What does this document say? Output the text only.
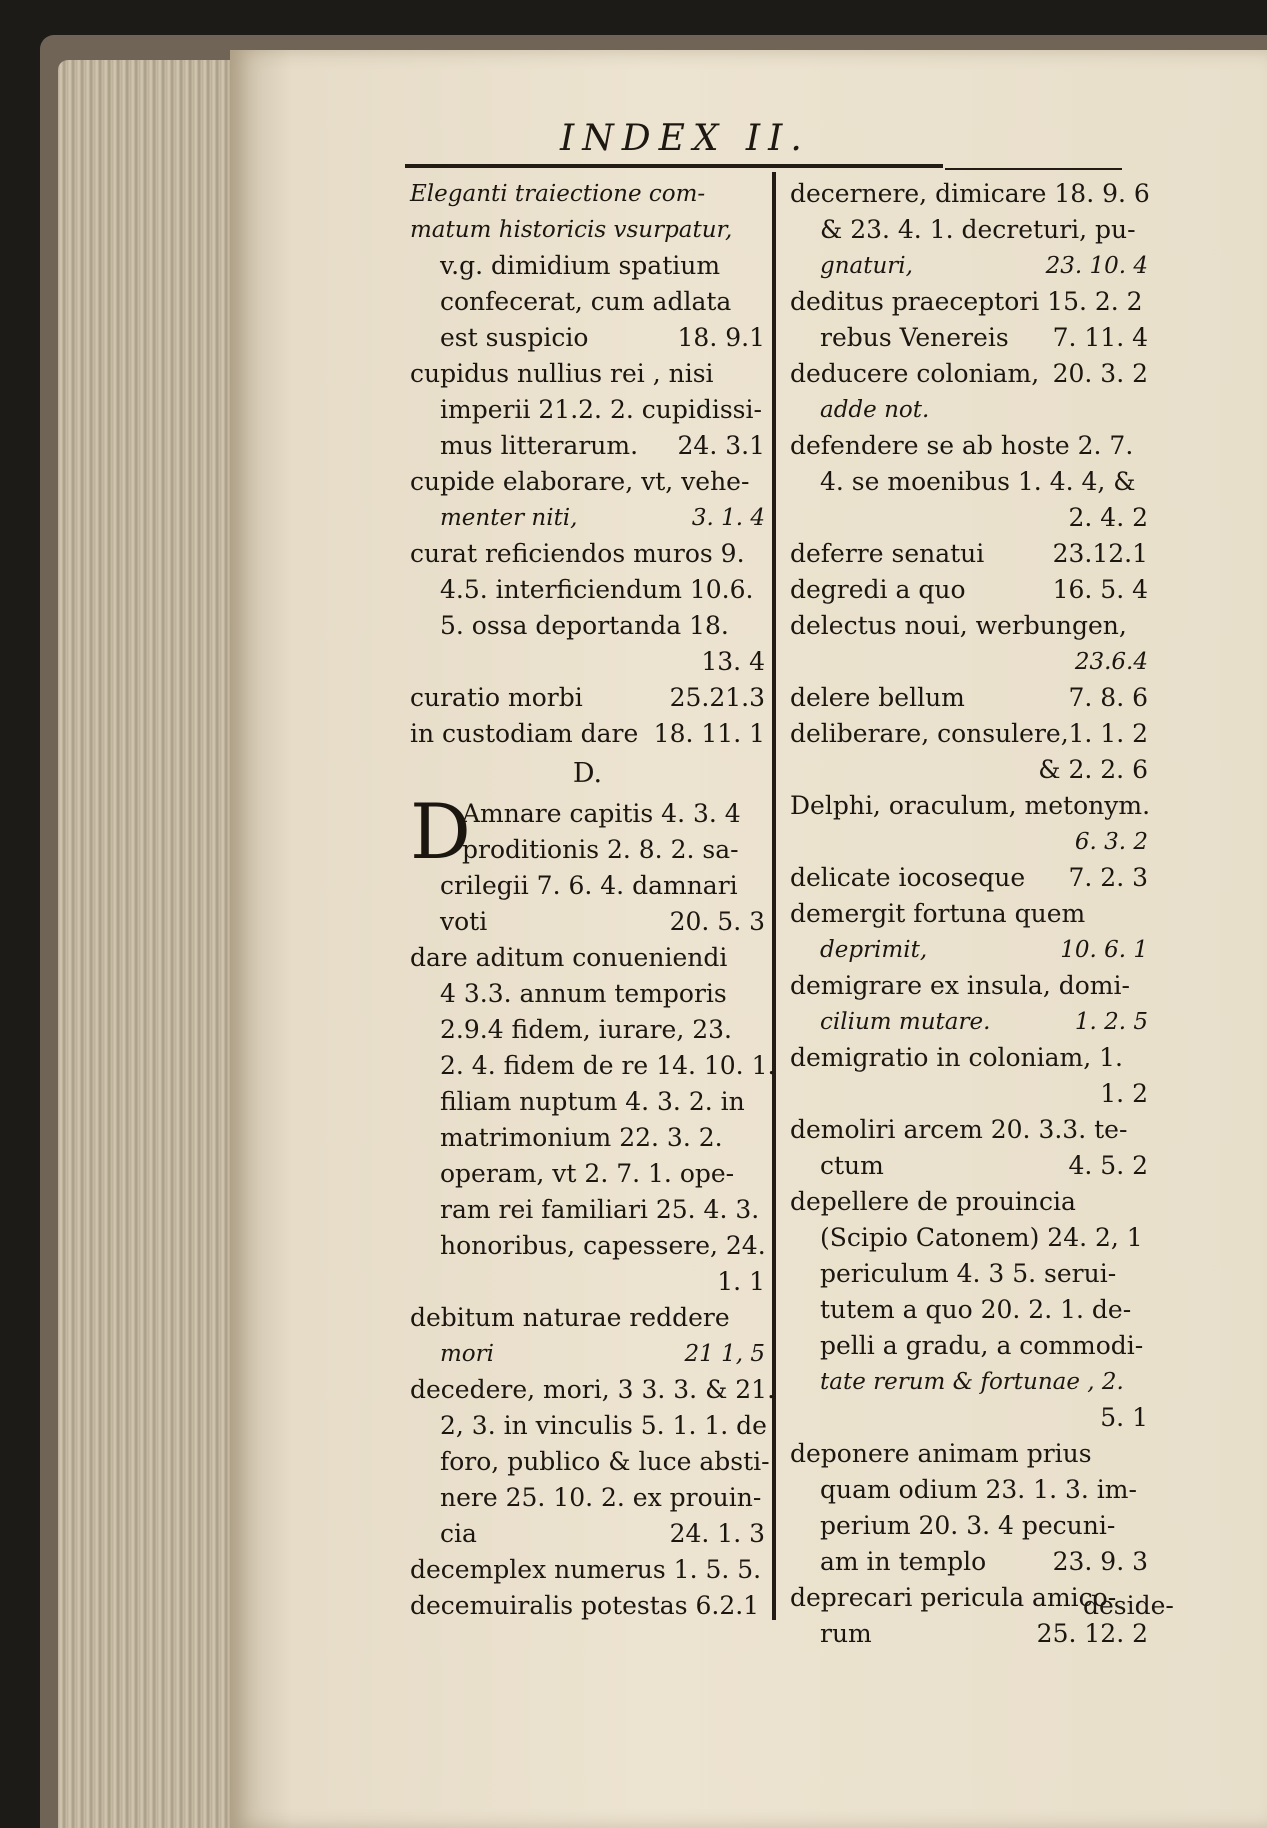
INDEX II.
Eleganti traiectione com-
matum historicis vsurpatur,
v.g. dimidium spatium
confecerat, cum adlata
est suspicio	18. 9.1
cupidus nullius rei , nisi
imperii 21.2. 2. cupidissi-
mus litterarum. 24. 3.1
cupide elaborare, vt, vehe-
menter niti,	3. 1. 4
curat reficiendos muros 9.
4.5. interficiendum 10.6.
5. ossa deportanda 18.
13. 4
curatio morbi	25.21.3
in custodiam dare 18. 11. 1
D.
D
Amnare capitis 4. 3. 4
proditionis 2. 8. 2. sa-
crilegii 7. 6. 4. damnari
voti	20. 5. 3
dare aditum conueniendi
4 3.3. annum temporis
2.9.4 fidem, iurare, 23.
2. 4. fidem de re 14. 10. 1.
filiam nuptum 4. 3. 2. in
matrimonium 22. 3. 2.
operam, vt 2. 7. 1. ope-
ram rei familiari 25. 4. 3.
honoribus, capessere, 24.
1. 1
debitum naturae reddere
mori	21 1, 5
decedere, mori, 3 3. 3. & 21.
2, 3. in vinculis 5. 1. 1. de
foro, publico & luce absti-
nere 25. 10. 2. ex prouin-
cia	24. 1. 3
decemplex numerus 1. 5. 5.
decemuiralis potestas 6.2.1
decernere, dimicare 18. 9. 6
& 23. 4. 1. decreturi, pu-
gnaturi,	23. 10. 4
deditus praeceptori 15. 2. 2
rebus Venereis 7. 11. 4
deducere coloniam, 20. 3. 2
adde not.
defendere se ab hoste 2. 7.
4. se moenibus 1. 4. 4, &
2. 4. 2
deferre senatui	23.12.1
degredi a quo	16. 5. 4
delectus noui, werbungen,
23.6.4
delere bellum	7. 8. 6
deliberare, consulere, 1. 1. 2
& 2. 2. 6
Delphi, oraculum, metonym.
6. 3. 2
delicate iocoseque 7. 2. 3
demergit fortuna quem
deprimit,	10. 6. 1
demigrare ex insula, domi-
cilium mutare.	1. 2. 5
demigratio in coloniam, 1.
1. 2
demoliri arcem 20. 3.3. te-
ctum	4. 5. 2
depellere de prouincia
(Scipio Catonem) 24. 2, 1
periculum 4. 3 5. serui-
tutem a quo 20. 2. 1. de-
pelli a gradu, a commodi-
tate rerum & fortunae , 2.
5. 1
deponere animam prius
quam odium 23. 1. 3. im-
perium 20. 3. 4 pecuni-
am in templo	23. 9. 3
deprecari pericula amico-
rum	25. 12. 2
deside-
